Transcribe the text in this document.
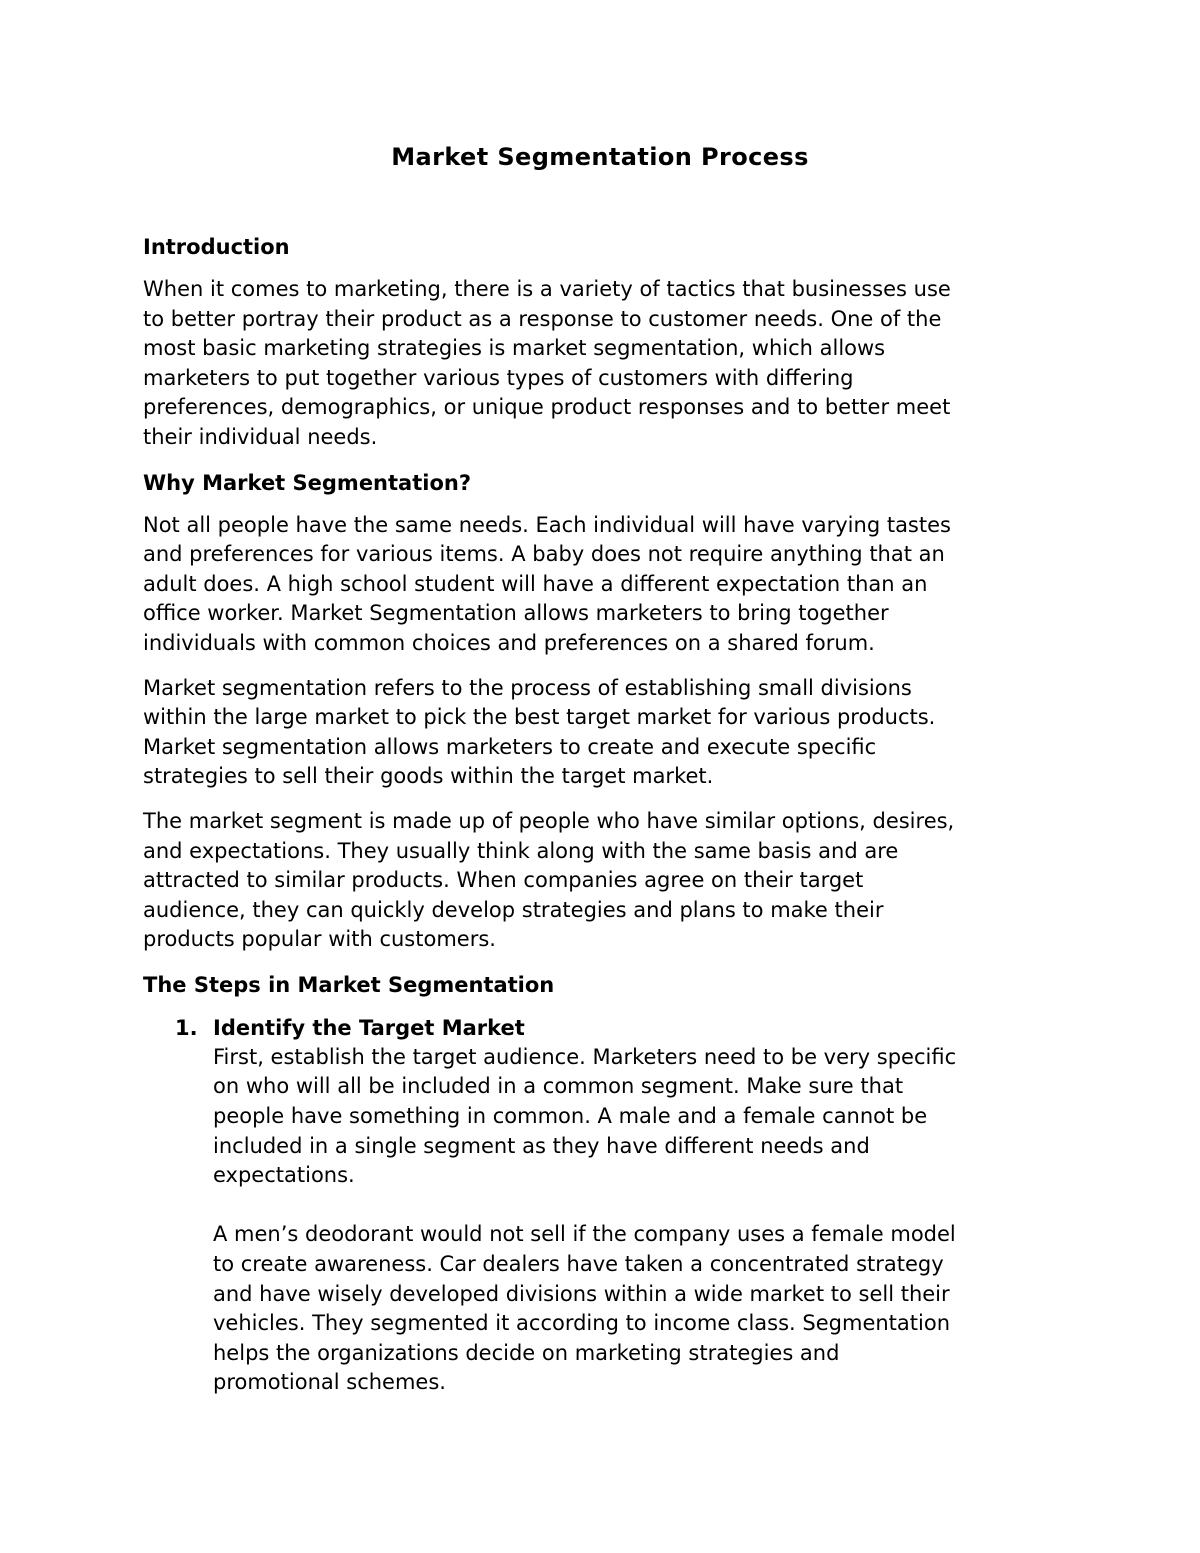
Market Segmentation Process
Introduction

When it comes to marketing, there is a variety of tactics that businesses use
to better portray their product as a response to customer needs. One of the
most basic marketing strategies is market segmentation, which allows
marketers to put together various types of customers with differing
preferences, demographics, or unique product responses and to better meet
their individual needs.

Why Market Segmentation?

Not all people have the same needs. Each individual will have varying tastes
and preferences for various items. A baby does not require anything that an
adult does. A high school student will have a different expectation than an
office worker. Market Segmentation allows marketers to bring together
individuals with common choices and preferences on a shared forum.

Market segmentation refers to the process of establishing small divisions
within the large market to pick the best target market for various products.
Market segmentation allows marketers to create and execute specific
strategies to sell their goods within the target market.

The market segment is made up of people who have similar options, desires,
and expectations. They usually think along with the same basis and are
attracted to similar products. When companies agree on their target
audience, they can quickly develop strategies and plans to make their
products popular with customers.

The Steps in Market Segmentation
1. Identify the Target Market

First, establish the target audience. Marketers need to be very specific
on who will all be included in a common segment. Make sure that
people have something in common. A male and a female cannot be
included in a single segment as they have different needs and
expectations.

A men’s deodorant would not sell if the company uses a female model
to create awareness. Car dealers have taken a concentrated strategy
and have wisely developed divisions within a wide market to sell their
vehicles. They segmented it according to income class. Segmentation
helps the organizations decide on marketing strategies and
promotional schemes.
